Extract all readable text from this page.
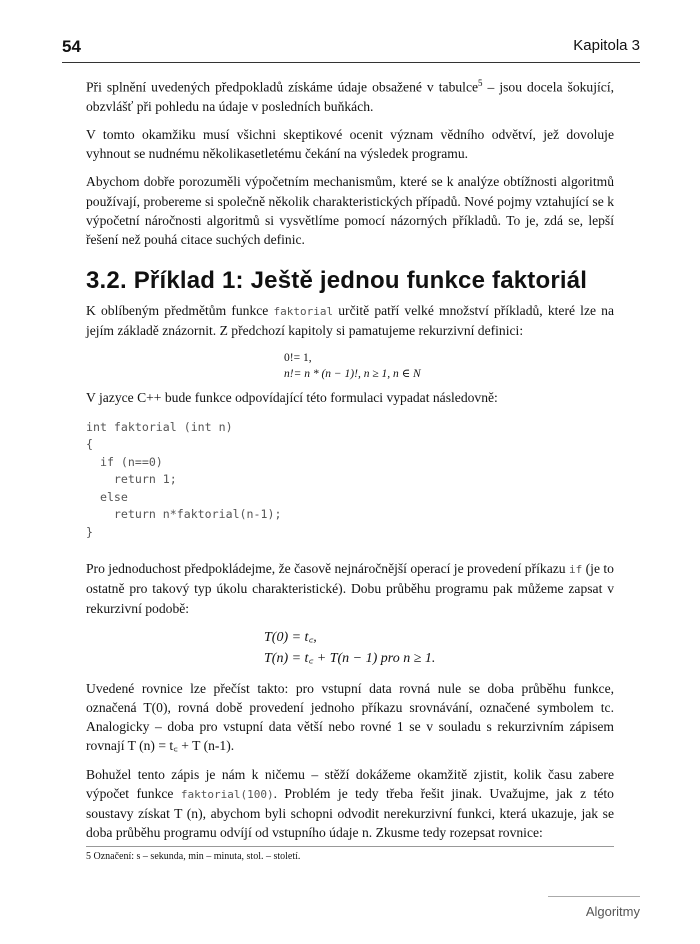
54	Kapitola 3

Při splnění uvedených předpokladů získáme údaje obsažené v tabulce$^5$ – jsou docela šokující, obzvlášť při pohledu na údaje v posledních buňkách.

V tomto okamžiku musí všichni skeptikové ocenit význam vědního odvětví, jež dovoluje vyhnout se nudnému několikasetletému čekání na výsledek programu.

Abychom dobře porozuměli výpočetním mechanismům, které se k analýze obtížnosti algoritmů používají, probereme si společně několik charakteristických případů. Nové pojmy vztahující se k výpočetní náročnosti algoritmů si vysvětlíme pomocí názorných příkladů. To je, zdá se, lepší řešení než pouhá citace suchých definic.

3.2. Příklad 1: Ještě jednou funkce faktoriál

K oblíbeným předmětům funkce faktorial určitě patří velké množství příkladů, které lze na jejím základě znázornit. Z předchozí kapitoly si pamatujeme rekurzivní definici:

0!= 1,
n!= n * (n − 1)!, n ≥ 1, n ∈ N

V jazyce C++ bude funkce odpovídající této formulaci vypadat následovně:

int faktorial (int n)
{
if (n==0)
return 1;
else
return n*faktorial(n-1);
}

Pro jednoduchost předpokládejme, že časově nejnáročnější operací je provedení příkazu if (je to ostatně pro takový typ úkolu charakteristické). Dobu průběhu programu pak můžeme zapsat v rekurzivní podobě:

T(0) = t꜀,
T(n) = t꜀ + T(n − 1) pro n ≥ 1.

Uvedené rovnice lze přečíst takto: pro vstupní data rovná nule se doba průběhu funkce, označená T(0), rovná době provedení jednoho příkazu srovnávání, označené symbolem tc. Analogicky – doba pro vstupní data větší nebo rovné 1 se v souladu s rekurzivním zápisem rovnají T (n) = t꜀ + T (n-1).

Bohužel tento zápis je nám k ničemu – stěží dokážeme okamžitě zjistit, kolik času zabere výpočet funkce faktorial(100). Problém je tedy třeba řešit jinak. Uvažujme, jak z této soustavy získat T (n), abychom byli schopni odvodit nerekurzivní funkci, která ukazuje, jak se doba průběhu programu odvíjí od vstupního údaje n. Zkusme tedy rozepsat rovnice:

5 Označení: s – sekunda, min – minuta, stol. – století.
Algoritmy
